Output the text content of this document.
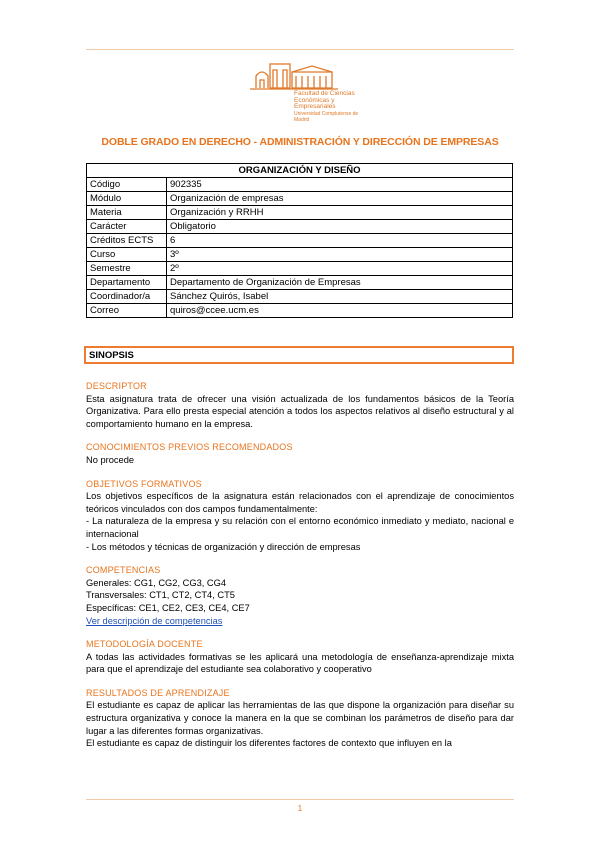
Facultad de Ciencias
Económicas y Empresariales
Universidad Complutense de Madrid
DOBLE GRADO EN DERECHO - ADMINISTRACIÓN Y DIRECCIÓN DE EMPRESAS
ORGANIZACIÓN Y DISEÑO	
Código	902335
Módulo	Organización de empresas
Materia	Organización y RRHH
Carácter	Obligatorio
Créditos ECTS	6
Curso	3º
Semestre	2º
Departamento	Departamento de Organización de Empresas
Coordinador/a	Sánchez Quirós, Isabel
Correo	quiros@ccee.ucm.es
SINOPSIS
DESCRIPTOR
Esta asignatura trata de ofrecer una visión actualizada de los fundamentos básicos de la Teoría Organizativa. Para ello presta especial atención a todos los aspectos relativos al diseño estructural y al comportamiento humano en la empresa.
CONOCIMIENTOS PREVIOS RECOMENDADOS
No procede
OBJETIVOS FORMATIVOS
Los objetivos específicos de la asignatura están relacionados con el aprendizaje de conocimientos teóricos vinculados con dos campos fundamentalmente:
- La naturaleza de la empresa y su relación con el entorno económico inmediato y mediato, nacional e internacional
- Los métodos y técnicas de organización y dirección de empresas
COMPETENCIAS
Generales: CG1, CG2, CG3, CG4
Transversales: CT1, CT2, CT4, CT5
Específicas: CE1, CE2, CE3, CE4, CE7
Ver descripción de competencias
METODOLOGÍA DOCENTE
A todas las actividades formativas se les aplicará una metodología de enseñanza-aprendizaje mixta para que el aprendizaje del estudiante sea colaborativo y cooperativo
RESULTADOS DE APRENDIZAJE
El estudiante es capaz de aplicar las herramientas de las que dispone la organización para diseñar su estructura organizativa y conoce la manera en la que se combinan los parámetros de diseño para dar lugar a las diferentes formas organizativas.
El estudiante es capaz de distinguir los diferentes factores de contexto que influyen en la
1
